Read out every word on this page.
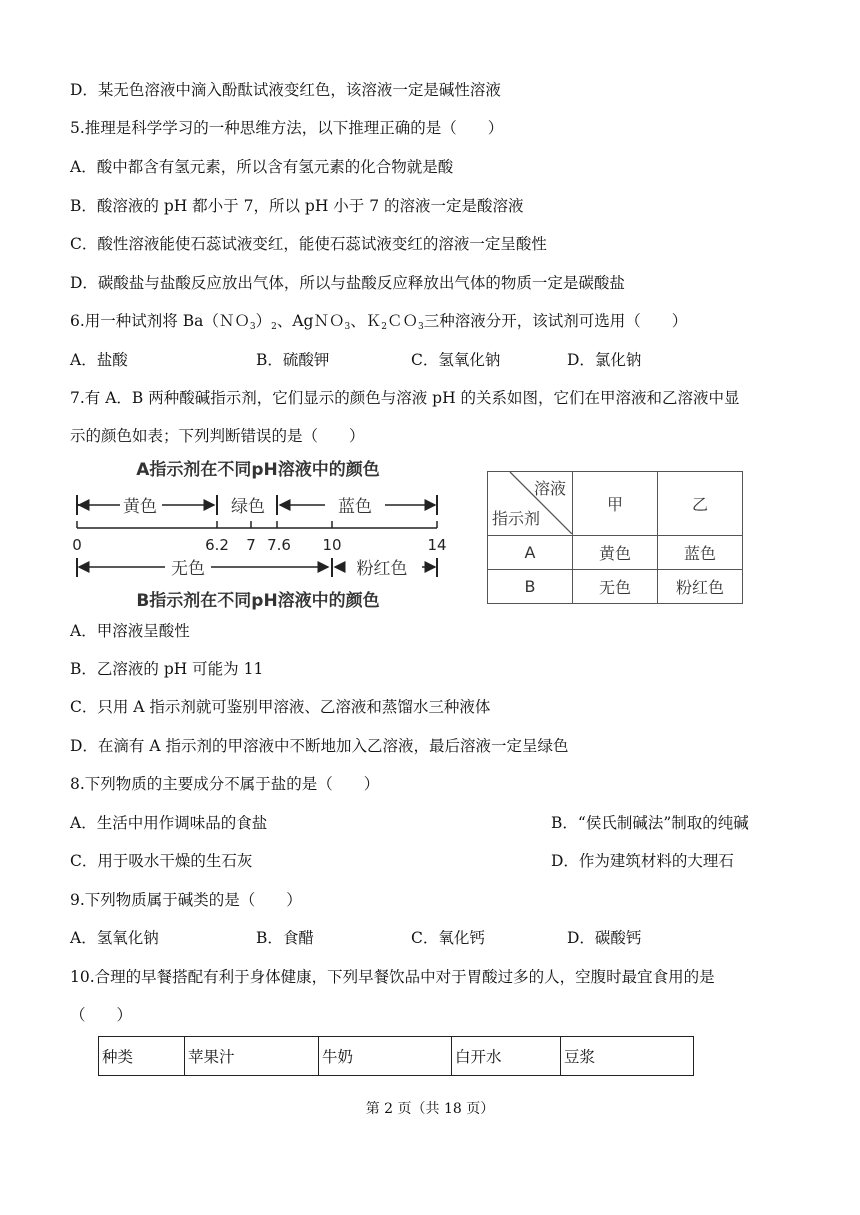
D．某无色溶液中滴入酚酞试液变红色，该溶液一定是碱性溶液
5.推理是科学学习的一种思维方法，以下推理正确的是（　　）
A．酸中都含有氢元素，所以含有氢元素的化合物就是酸
B．酸溶液的 pH 都小于 7，所以 pH 小于 7 的溶液一定是酸溶液
C．酸性溶液能使石蕊试液变红，能使石蕊试液变红的溶液一定呈酸性
D．碳酸盐与盐酸反应放出气体，所以与盐酸反应释放出气体的物质一定是碳酸盐
6.用一种试剂将 $Ba(NO_3)_2$、AgＮＯ$_3$、Ｋ$_2$ＣＯ$_3$三种溶液分开，该试剂可选用（　　）
A．盐酸	B．硫酸钾	C．氢氧化钠	D．氯化钠
7.有 A．B 两种酸碱指示剂，它们显示的颜色与溶液 pH 的关系如图，它们在甲溶液和乙溶液中显
示的颜色如表；下列判断错误的是（　　）
A指示剂在不同pH溶液中的颜色
黄色	绿色	蓝色
0	6.2 7 7.6 10	14
无色	粉红色
B指示剂在不同pH溶液中的颜色
溶液
指示剂	甲	乙
A	黄色	蓝色
B	无色	粉红色
A．甲溶液呈酸性
B．乙溶液的 pH 可能为 11
C．只用 A 指示剂就可鉴别甲溶液、乙溶液和蒸馏水三种液体
D．在滴有 A 指示剂的甲溶液中不断地加入乙溶液，最后溶液一定呈绿色
8.下列物质的主要成分不属于盐的是（　　）
A．生活中用作调味品的食盐	B．“侯氏制碱法”制取的纯碱
C．用于吸水干燥的生石灰	D．作为建筑材料的大理石
9.下列物质属于碱类的是（　　）
A．氢氧化钠	B．食醋	C．氧化钙	D．碳酸钙
10.合理的早餐搭配有利于身体健康，下列早餐饮品中对于胃酸过多的人，空腹时最宜食用的是
（　　）
种类	苹果汁	牛奶	白开水	豆浆
第 2 页（共 18 页）
